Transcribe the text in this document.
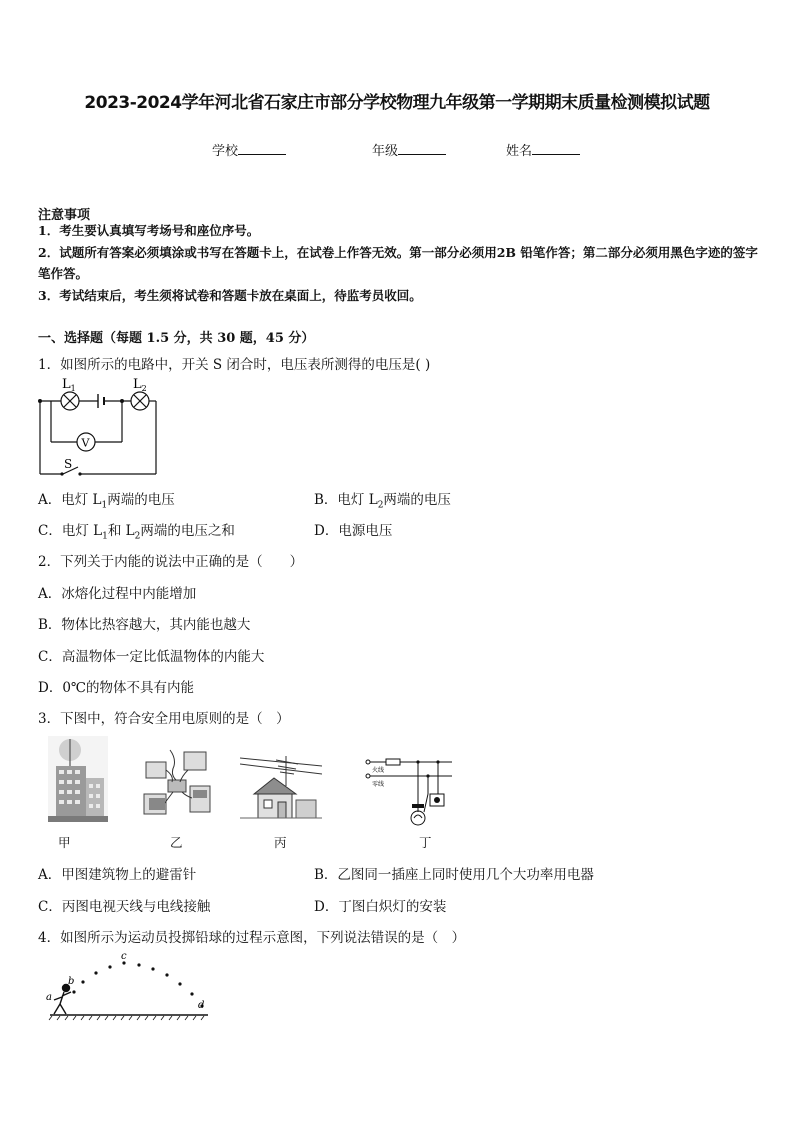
2023-2024学年河北省石家庄市部分学校物理九年级第一学期期末质量检测模拟试题
学校	年级	姓名
注意事项
1．考生要认真填写考场号和座位序号。
2．试题所有答案必须填涂或书写在答题卡上，在试卷上作答无效。第一部分必须用2B 铅笔作答；第二部分必须用黑色字迹的签字笔作答。
3．考试结束后，考生须将试卷和答题卡放在桌面上，待监考员收回。
一、选择题（每题 1.5 分，共 30 题，45 分）
1．如图所示的电路中，开关 S 闭合时，电压表所测得的电压是( )
$L_1$	$L_2$
V
S
A．电灯 $L_1$两端的电压	B．电灯 $L_2$两端的电压
C．电灯 $L_1$和 $L_2$两端的电压之和	D．电源电压
2．下列关于内能的说法中正确的是（　　）
A．冰熔化过程中内能增加
B．物体比热容越大，其内能也越大
C．高温物体一定比低温物体的内能大
D．0℃的物体不具有内能
3．下图中，符合安全用电原则的是（　）
火线
零线
甲	乙	丙	丁
A．甲图建筑物上的避雷针	B．乙图同一插座上同时使用几个大功率用电器
C．丙图电视天线与电线接触	D．丁图白炽灯的安装
4．如图所示为运动员投掷铅球的过程示意图，下列说法错误的是（　）
a
b
c
d
